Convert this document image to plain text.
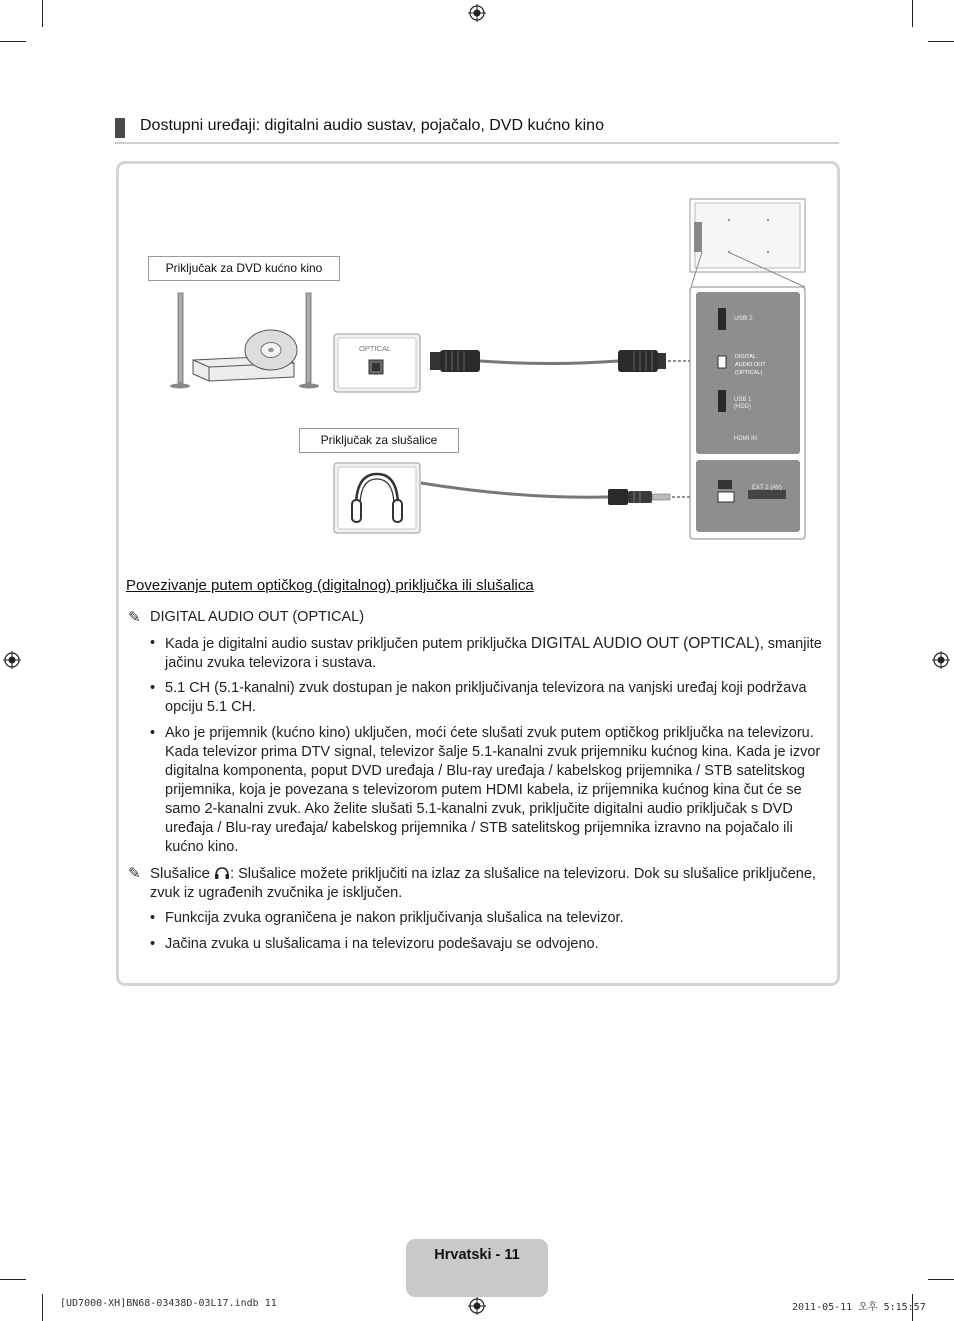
Dostupni uređaji: digitalni audio sustav, pojačalo, DVD kućno kino
Priključak za DVD kućno kino
Priključak za slušalice
OPTICAL
USB 2
DIGITAL
AUDIO OUT
(OPTICAL)
USB 1
(HDD)
HDMI IN
EXT 2 (AV)
Povezivanje putem optičkog (digitalnog) priključka ili slušalica
✎ DIGITAL AUDIO OUT (OPTICAL)
• Kada je digitalni audio sustav priključen putem priključka DIGITAL AUDIO OUT (OPTICAL), smanjite jačinu zvuka televizora i sustava.
• 5.1 CH (5.1-kanalni) zvuk dostupan je nakon priključivanja televizora na vanjski uređaj koji podržava opciju 5.1 CH.
• Ako je prijemnik (kućno kino) uključen, moći ćete slušati zvuk putem optičkog priključka na televizoru. Kada televizor prima DTV signal, televizor šalje 5.1-kanalni zvuk prijemniku kućnog kina. Kada je izvor digitalna komponenta, poput DVD uređaja / Blu-ray uređaja / kabelskog prijemnika / STB satelitskog prijemnika, koja je povezana s televizorom putem HDMI kabela, iz prijemnika kućnog kina čut će se samo 2-kanalni zvuk. Ako želite slušati 5.1-kanalni zvuk, priključite digitalni audio priključak s DVD uređaja / Blu-ray uređaja/ kabelskog prijemnika / STB satelitskog prijemnika izravno na pojačalo ili kućno kino.
✎ Slušalice : Slušalice možete priključiti na izlaz za slušalice na televizoru. Dok su slušalice priključene, zvuk iz ugrađenih zvučnika je isključen.
• Funkcija zvuka ograničena je nakon priključivanja slušalica na televizor.
• Jačina zvuka u slušalicama i na televizoru podešavaju se odvojeno.
Hrvatski - 11
[UD7000-XH]BN68-03438D-03L17.indb 11	2011-05-11 오후 5:15:57
